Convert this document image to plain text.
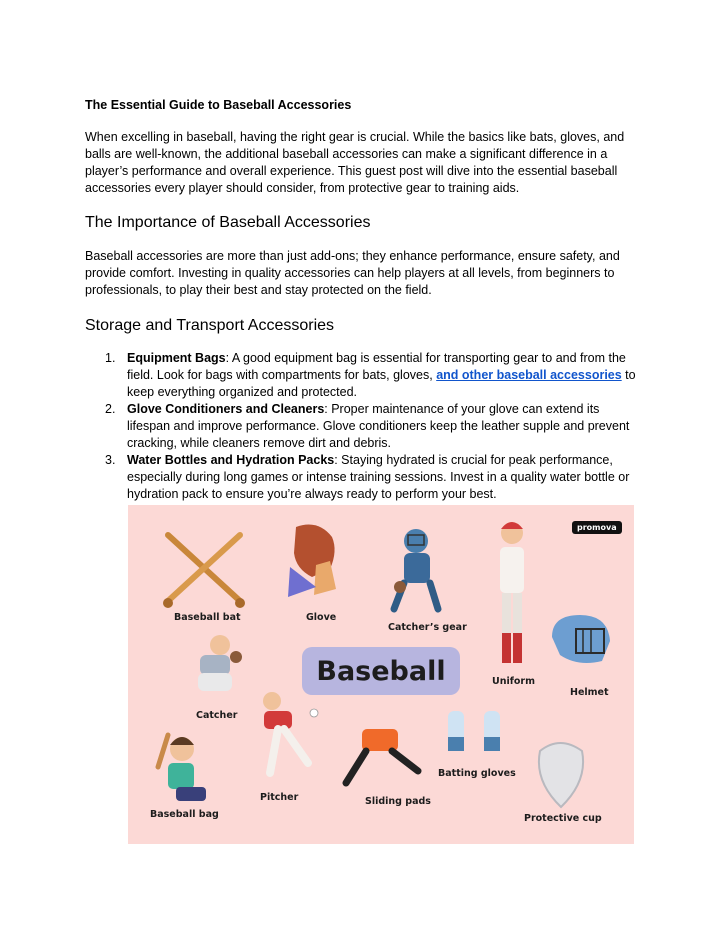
The Essential Guide to Baseball Accessories

When excelling in baseball, having the right gear is crucial. While the basics like bats, gloves, and balls are well-known, the additional baseball accessories can make a significant difference in a player’s performance and overall experience. This guest post will dive into the essential baseball accessories every player should consider, from protective gear to training aids.

The Importance of Baseball Accessories

Baseball accessories are more than just add-ons; they enhance performance, ensure safety, and provide comfort. Investing in quality accessories can help players at all levels, from beginners to professionals, to play their best and stay protected on the field.

Storage and Transport Accessories
1. Equipment Bags: A good equipment bag is essential for transporting gear to and from the field. Look for bags with compartments for bats, gloves, and other baseball accessories to keep everything organized and protected.
2. Glove Conditioners and Cleaners: Proper maintenance of your glove can extend its lifespan and improve performance. Glove conditioners keep the leather supple and prevent cracking, while cleaners remove dirt and debris.
3. Water Bottles and Hydration Packs: Staying hydrated is crucial for peak performance, especially during long games or intense training sessions. Invest in a quality water bottle or hydration pack to ensure you’re always ready to perform your best.
promova
Baseball
Baseball bat	Glove
Catcher’s gear
Uniform
Helmet
Catcher
Pitcher
Baseball bag
Sliding pads
Batting gloves
Protective cup
